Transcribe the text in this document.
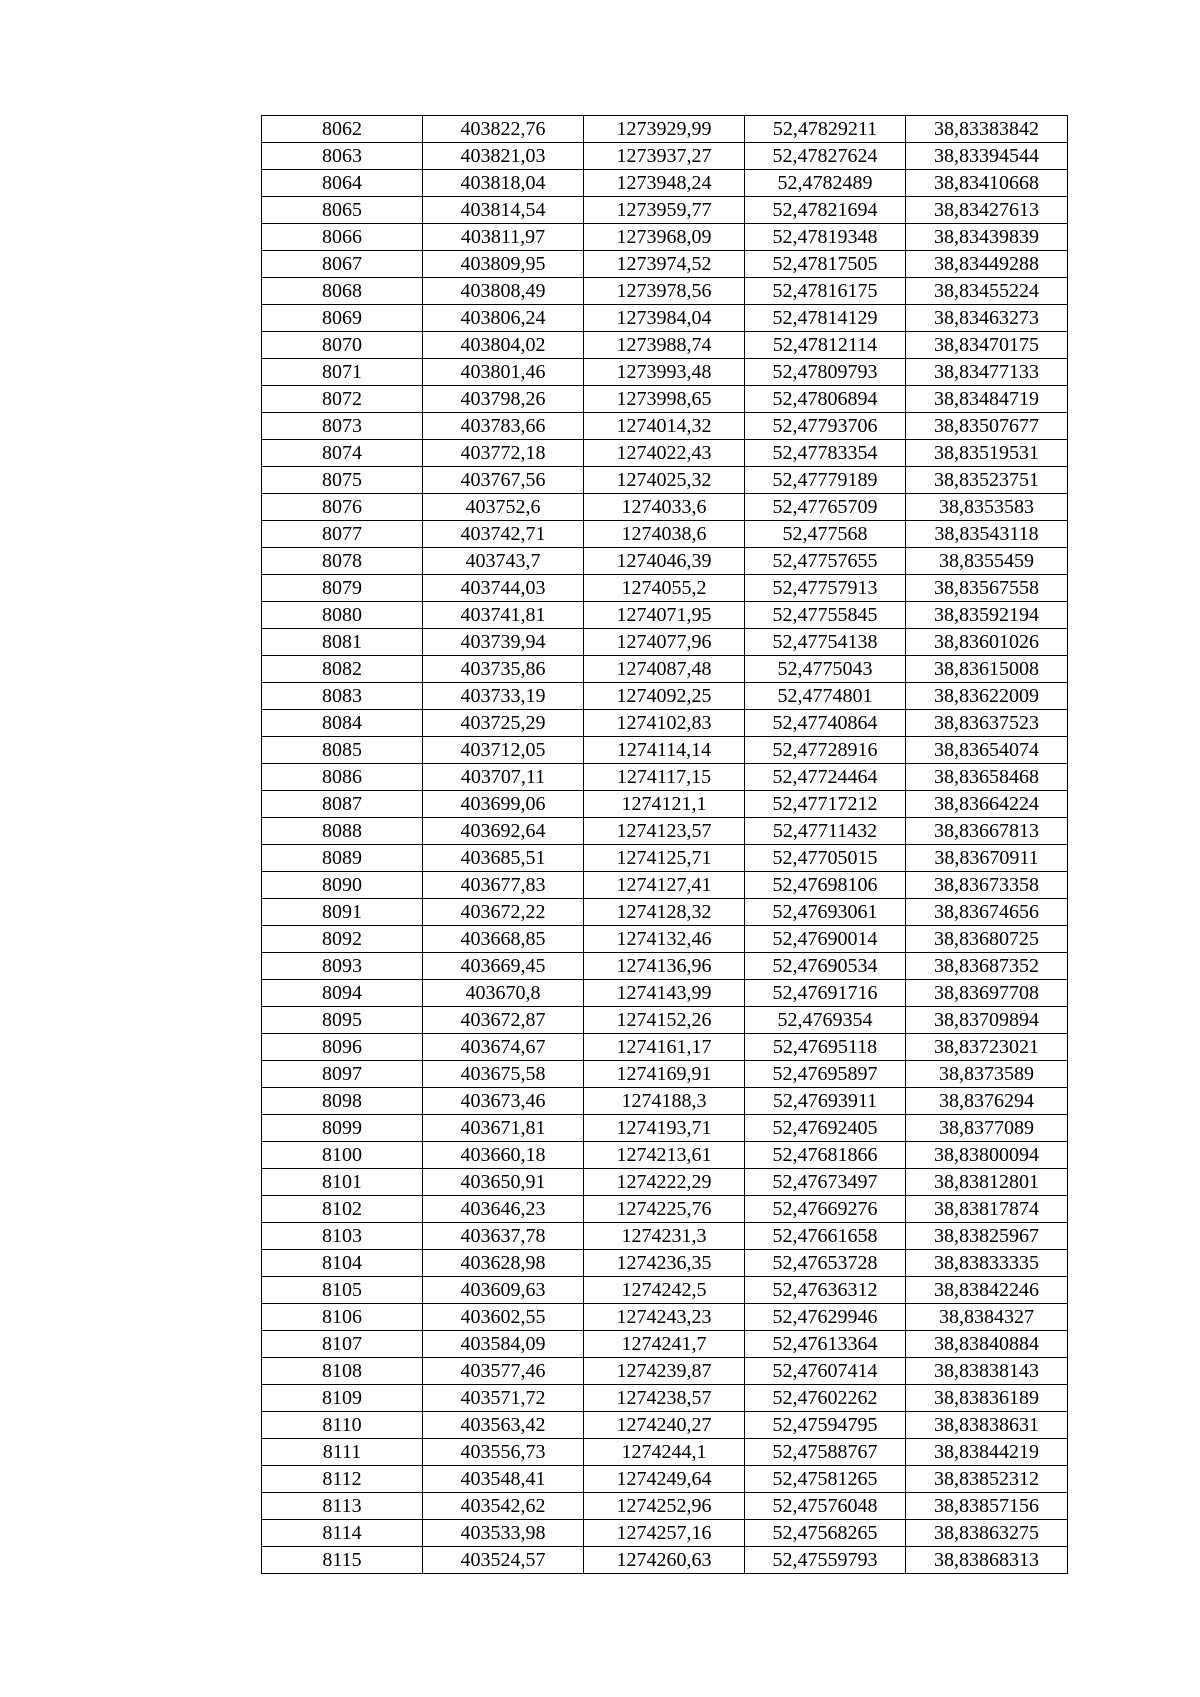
8062	403822,76	1273929,99	52,47829211	38,83383842
8063	403821,03	1273937,27	52,47827624	38,83394544
8064	403818,04	1273948,24	52,4782489	38,83410668
8065	403814,54	1273959,77	52,47821694	38,83427613
8066	403811,97	1273968,09	52,47819348	38,83439839
8067	403809,95	1273974,52	52,47817505	38,83449288
8068	403808,49	1273978,56	52,47816175	38,83455224
8069	403806,24	1273984,04	52,47814129	38,83463273
8070	403804,02	1273988,74	52,47812114	38,83470175
8071	403801,46	1273993,48	52,47809793	38,83477133
8072	403798,26	1273998,65	52,47806894	38,83484719
8073	403783,66	1274014,32	52,47793706	38,83507677
8074	403772,18	1274022,43	52,47783354	38,83519531
8075	403767,56	1274025,32	52,47779189	38,83523751
8076	403752,6	1274033,6	52,47765709	38,8353583
8077	403742,71	1274038,6	52,477568	38,83543118
8078	403743,7	1274046,39	52,47757655	38,8355459
8079	403744,03	1274055,2	52,47757913	38,83567558
8080	403741,81	1274071,95	52,47755845	38,83592194
8081	403739,94	1274077,96	52,47754138	38,83601026
8082	403735,86	1274087,48	52,4775043	38,83615008
8083	403733,19	1274092,25	52,4774801	38,83622009
8084	403725,29	1274102,83	52,47740864	38,83637523
8085	403712,05	1274114,14	52,47728916	38,83654074
8086	403707,11	1274117,15	52,47724464	38,83658468
8087	403699,06	1274121,1	52,47717212	38,83664224
8088	403692,64	1274123,57	52,47711432	38,83667813
8089	403685,51	1274125,71	52,47705015	38,83670911
8090	403677,83	1274127,41	52,47698106	38,83673358
8091	403672,22	1274128,32	52,47693061	38,83674656
8092	403668,85	1274132,46	52,47690014	38,83680725
8093	403669,45	1274136,96	52,47690534	38,83687352
8094	403670,8	1274143,99	52,47691716	38,83697708
8095	403672,87	1274152,26	52,4769354	38,83709894
8096	403674,67	1274161,17	52,47695118	38,83723021
8097	403675,58	1274169,91	52,47695897	38,8373589
8098	403673,46	1274188,3	52,47693911	38,8376294
8099	403671,81	1274193,71	52,47692405	38,8377089
8100	403660,18	1274213,61	52,47681866	38,83800094
8101	403650,91	1274222,29	52,47673497	38,83812801
8102	403646,23	1274225,76	52,47669276	38,83817874
8103	403637,78	1274231,3	52,47661658	38,83825967
8104	403628,98	1274236,35	52,47653728	38,83833335
8105	403609,63	1274242,5	52,47636312	38,83842246
8106	403602,55	1274243,23	52,47629946	38,8384327
8107	403584,09	1274241,7	52,47613364	38,83840884
8108	403577,46	1274239,87	52,47607414	38,83838143
8109	403571,72	1274238,57	52,47602262	38,83836189
8110	403563,42	1274240,27	52,47594795	38,83838631
8111	403556,73	1274244,1	52,47588767	38,83844219
8112	403548,41	1274249,64	52,47581265	38,83852312
8113	403542,62	1274252,96	52,47576048	38,83857156
8114	403533,98	1274257,16	52,47568265	38,83863275
8115	403524,57	1274260,63	52,47559793	38,83868313
